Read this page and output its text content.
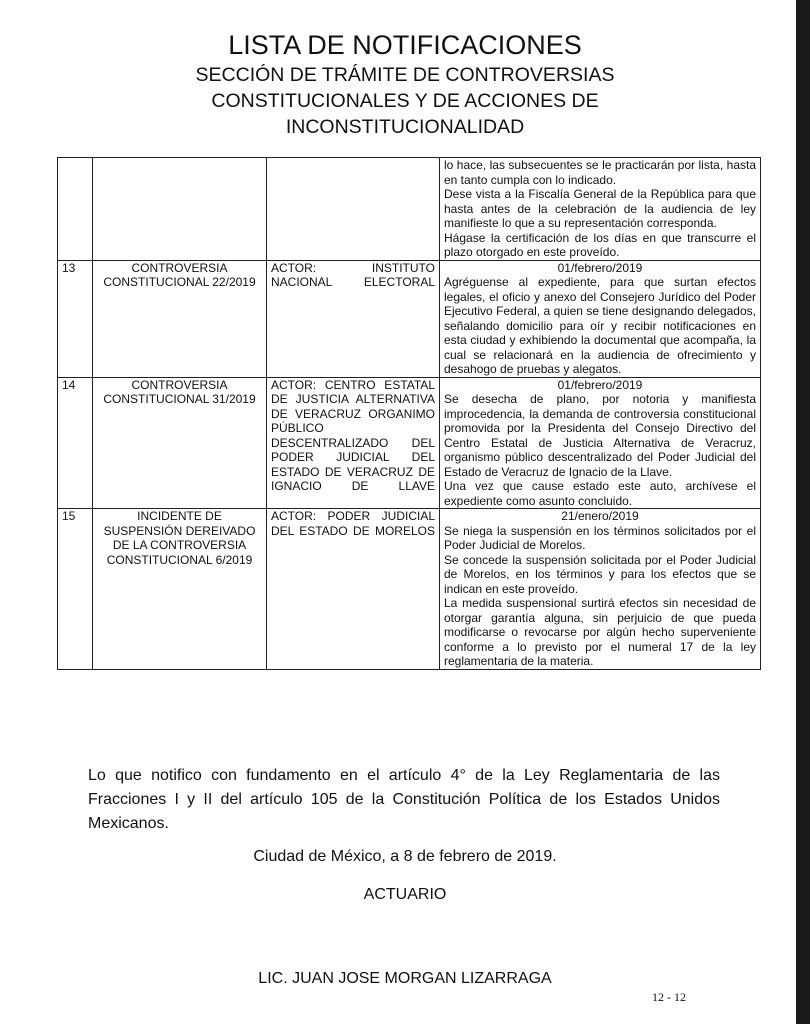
LISTA DE NOTIFICACIONES
SECCIÓN DE TRÁMITE DE CONTROVERSIAS
CONSTITUCIONALES Y DE ACCIONES DE
INCONSTITUCIONALIDAD

			lo hace, las subsecuentes se le practicarán por lista, hasta en tanto cumpla con lo indicado.

Dese vista a la Fiscalía General de la República para que hasta antes de la celebración de la audiencia de ley manifieste lo que a su representación corresponda.

Hágase la certificación de los días en que transcurre el plazo otorgado en este proveído.

13	CONTROVERSIA CONSTITUCIONAL 22/2019	ACTOR: INSTITUTO NACIONAL ELECTORAL	01/febrero/2019

Agréguense al expediente, para que surtan efectos legales, el oficio y anexo del Consejero Jurídico del Poder Ejecutivo Federal, a quien se tiene designando delegados, señalando domicilio para oír y recibir notificaciones en esta ciudad y exhibiendo la documental que acompaña, la cual se relacionará en la audiencia de ofrecimiento y desahogo de pruebas y alegatos.

14	CONTROVERSIA CONSTITUCIONAL 31/2019	ACTOR: CENTRO ESTATAL DE JUSTICIA ALTERNATIVA DE VERACRUZ ORGANIMO PÚBLICO DESCENTRALIZADO DEL PODER JUDICIAL DEL ESTADO DE VERACRUZ DE IGNACIO DE LLAVE	01/febrero/2019

Se desecha de plano, por notoria y manifiesta improcedencia, la demanda de controversia constitucional promovida por la Presidenta del Consejo Directivo del Centro Estatal de Justicia Alternativa de Veracruz, organismo público descentralizado del Poder Judicial del Estado de Veracruz de Ignacio de la Llave.

Una vez que cause estado este auto, archívese el expediente como asunto concluido.

15	INCIDENTE DE SUSPENSIÓN DEREIVADO DE LA CONTROVERSIA CONSTITUCIONAL 6/2019	ACTOR: PODER JUDICIAL DEL ESTADO DE MORELOS	21/enero/2019

Se niega la suspensión en los términos solicitados por el Poder Judicial de Morelos.

Se concede la suspensión solicitada por el Poder Judicial de Morelos, en los términos y para los efectos que se indican en este proveído.

La medida suspensional surtirá efectos sin necesidad de otorgar garantía alguna, sin perjuicio de que pueda modificarse o revocarse por algún hecho superveniente conforme a lo previsto por el numeral 17 de la ley reglamentaria de la materia.

Lo que notifico con fundamento en el artículo 4° de la Ley Reglamentaria de las Fracciones I y II del artículo 105 de la Constitución Política de los Estados Unidos Mexicanos.

Ciudad de México, a 8 de febrero de 2019.

ACTUARIO

LIC. JUAN JOSE MORGAN LIZARRAGA

12 - 12
